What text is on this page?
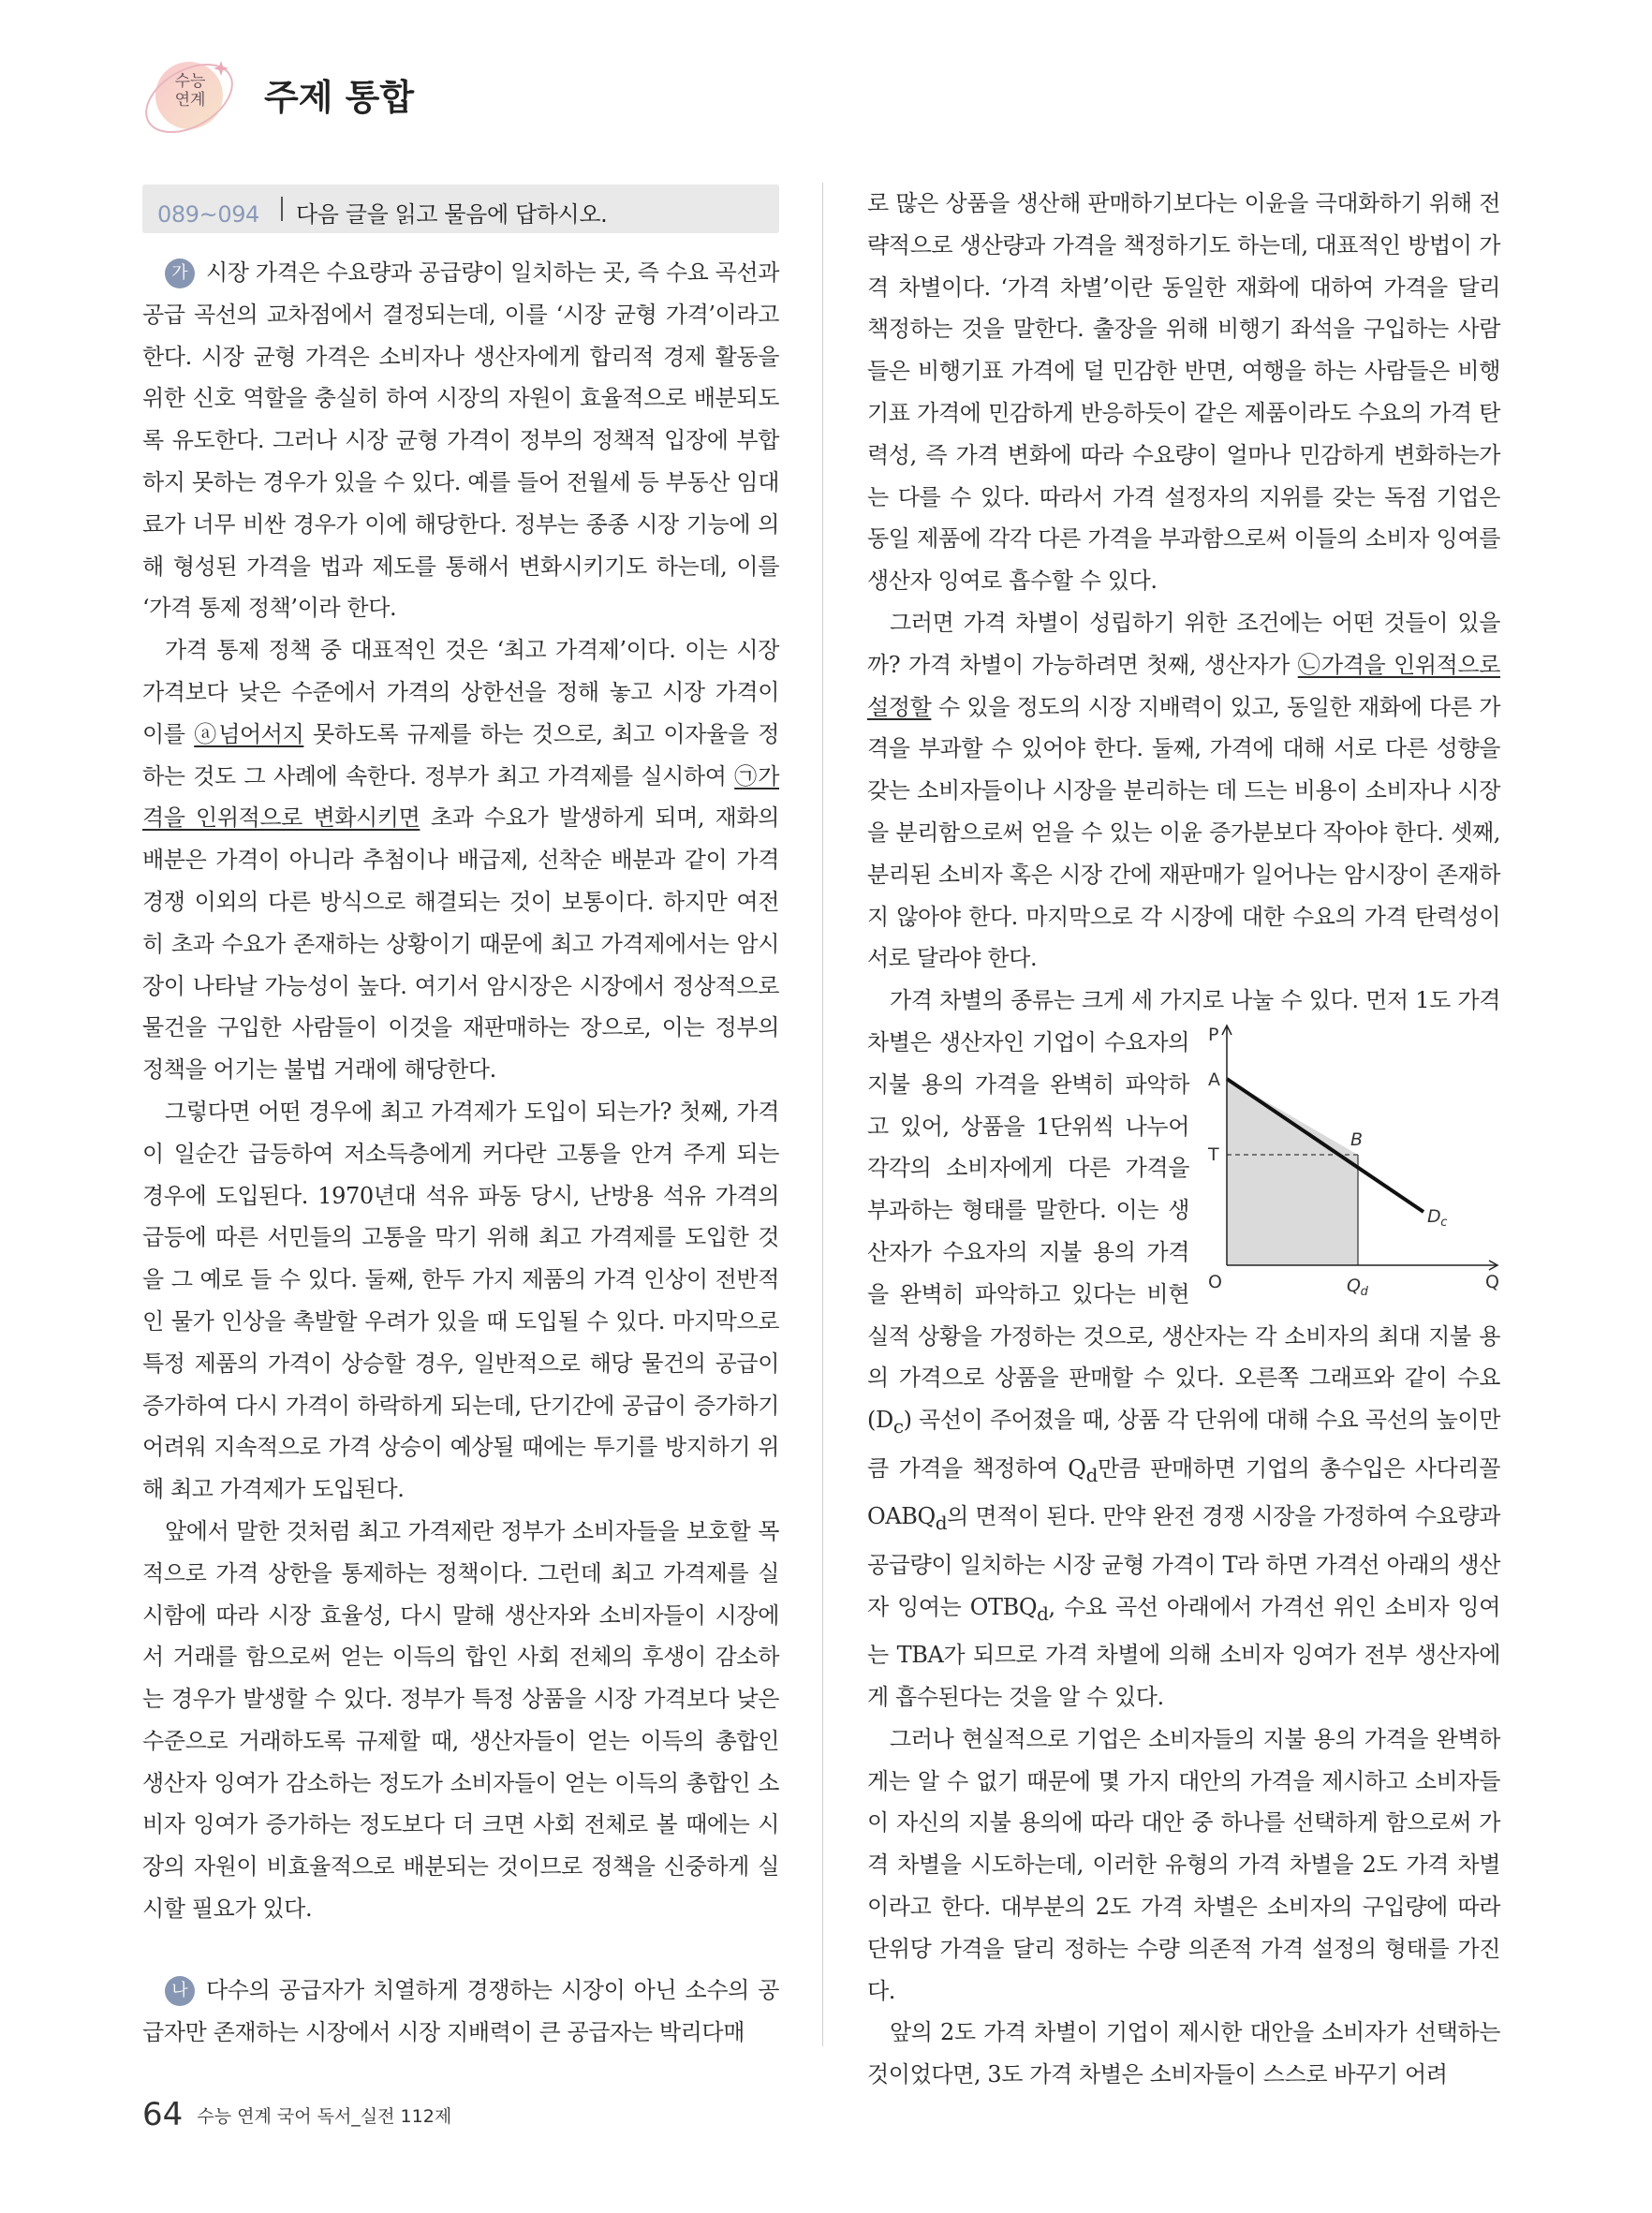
수능
연계	주제 통합
089~094 다음 글을 읽고 물음에 답하시오.

가 시장 가격은 수요량과 공급량이 일치하는 곳, 즉 수요 곡선과 공급 곡선의 교차점에서 결정되는데, 이를 ‘시장 균형 가격’이라고 한다. 시장 균형 가격은 소비자나 생산자에게 합리적 경제 활동을 위한 신호 역할을 충실히 하여 시장의 자원이 효율적으로 배분되도록 유도한다. 그러나 시장 균형 가격이 정부의 정책적 입장에 부합하지 못하는 경우가 있을 수 있다. 예를 들어 전월세 등 부동산 임대료가 너무 비싼 경우가 이에 해당한다. 정부는 종종 시장 기능에 의해 형성된 가격을 법과 제도를 통해서 변화시키기도 하는데, 이를 ‘가격 통제 정책’이라 한다.

가격 통제 정책 중 대표적인 것은 ‘최고 가격제’이다. 이는 시장 가격보다 낮은 수준에서 가격의 상한선을 정해 놓고 시장 가격이 이를 ⓐ넘어서지 못하도록 규제를 하는 것으로, 최고 이자율을 정하는 것도 그 사례에 속한다. 정부가 최고 가격제를 실시하여 ㉠가격을 인위적으로 변화시키면 초과 수요가 발생하게 되며, 재화의 배분은 가격이 아니라 추첨이나 배급제, 선착순 배분과 같이 가격 경쟁 이외의 다른 방식으로 해결되는 것이 보통이다. 하지만 여전히 초과 수요가 존재하는 상황이기 때문에 최고 가격제에서는 암시장이 나타날 가능성이 높다. 여기서 암시장은 시장에서 정상적으로 물건을 구입한 사람들이 이것을 재판매하는 장으로, 이는 정부의 정책을 어기는 불법 거래에 해당한다.

그렇다면 어떤 경우에 최고 가격제가 도입이 되는가? 첫째, 가격이 일순간 급등하여 저소득층에게 커다란 고통을 안겨 주게 되는 경우에 도입된다. 1970년대 석유 파동 당시, 난방용 석유 가격의 급등에 따른 서민들의 고통을 막기 위해 최고 가격제를 도입한 것을 그 예로 들 수 있다. 둘째, 한두 가지 제품의 가격 인상이 전반적인 물가 인상을 촉발할 우려가 있을 때 도입될 수 있다. 마지막으로 특정 제품의 가격이 상승할 경우, 일반적으로 해당 물건의 공급이 증가하여 다시 가격이 하락하게 되는데, 단기간에 공급이 증가하기 어려워 지속적으로 가격 상승이 예상될 때에는 투기를 방지하기 위해 최고 가격제가 도입된다.

앞에서 말한 것처럼 최고 가격제란 정부가 소비자들을 보호할 목적으로 가격 상한을 통제하는 정책이다. 그런데 최고 가격제를 실시함에 따라 시장 효율성, 다시 말해 생산자와 소비자들이 시장에서 거래를 함으로써 얻는 이득의 합인 사회 전체의 후생이 감소하는 경우가 발생할 수 있다. 정부가 특정 상품을 시장 가격보다 낮은 수준으로 거래하도록 규제할 때, 생산자들이 얻는 이득의 총합인 생산자 잉여가 감소하는 정도가 소비자들이 얻는 이득의 총합인 소비자 잉여가 증가하는 정도보다 더 크면 사회 전체로 볼 때에는 시장의 자원이 비효율적으로 배분되는 것이므로 정책을 신중하게 실시할 필요가 있다.

나 다수의 공급자가 치열하게 경쟁하는 시장이 아닌 소수의 공급자만 존재하는 시장에서 시장 지배력이 큰 공급자는 박리다매

로 많은 상품을 생산해 판매하기보다는 이윤을 극대화하기 위해 전략적으로 생산량과 가격을 책정하기도 하는데, 대표적인 방법이 가격 차별이다. ‘가격 차별’이란 동일한 재화에 대하여 가격을 달리 책정하는 것을 말한다. 출장을 위해 비행기 좌석을 구입하는 사람들은 비행기표 가격에 덜 민감한 반면, 여행을 하는 사람들은 비행기표 가격에 민감하게 반응하듯이 같은 제품이라도 수요의 가격 탄력성, 즉 가격 변화에 따라 수요량이 얼마나 민감하게 변화하는가는 다를 수 있다. 따라서 가격 설정자의 지위를 갖는 독점 기업은 동일 제품에 각각 다른 가격을 부과함으로써 이들의 소비자 잉여를 생산자 잉여로 흡수할 수 있다.

그러면 가격 차별이 성립하기 위한 조건에는 어떤 것들이 있을까? 가격 차별이 가능하려면 첫째, 생산자가 ㉡가격을 인위적으로 설정할 수 있을 정도의 시장 지배력이 있고, 동일한 재화에 다른 가격을 부과할 수 있어야 한다. 둘째, 가격에 대해 서로 다른 성향을 갖는 소비자들이나 시장을 분리하는 데 드는 비용이 소비자나 시장을 분리함으로써 얻을 수 있는 이윤 증가분보다 작아야 한다. 셋째, 분리된 소비자 혹은 시장 간에 재판매가 일어나는 암시장이 존재하지 않아야 한다. 마지막으로 각 시장에 대한 수요의 가격 탄력성이 서로 달라야 한다.

가격 차별의 종류는 크게 세 가지로 나눌 수 있다.
P
A
T
B
O	$Q_d$	Q
$D_c$
먼저 1도 가격 차별은 생산자인 기업이 수요자의 지불 용의 가격을 완벽히 파악하고 있어, 상품을 1단위씩 나누어 각각의 소비자에게 다른 가격을 부과하는 형태를 말한다. 이는 생산자가 수요자의 지불 용의 가격을 완벽히 파악하고 있다는 비현실적 상황을 가정하는 것으로, 생산자는 각 소비자의 최대 지불 용의 가격으로 상품을 판매할 수 있다. 오른쪽 그래프와 같이 수요$(D_c)$ 곡선이 주어졌을 때, 상품 각 단위에 대해 수요 곡선의 높이만큼 가격을 책정하여 $Q_d$만큼 판매하면 기업의 총수입은 사다리꼴 $OABQ_d$의 면적이 된다. 만약 완전 경쟁 시장을 가정하여 수요량과 공급량이 일치하는 시장 균형 가격이 T라 하면 가격선 아래의 생산자 잉여는 $OTBQ_d$, 수요 곡선 아래에서 가격선 위인 소비자 잉여는 TBA가 되므로 가격 차별에 의해 소비자 잉여가 전부 생산자에게 흡수된다는 것을 알 수 있다.

그러나 현실적으로 기업은 소비자들의 지불 용의 가격을 완벽하게는 알 수 없기 때문에 몇 가지 대안의 가격을 제시하고 소비자들이 자신의 지불 용의에 따라 대안 중 하나를 선택하게 함으로써 가격 차별을 시도하는데, 이러한 유형의 가격 차별을 2도 가격 차별이라고 한다. 대부분의 2도 가격 차별은 소비자의 구입량에 따라 단위당 가격을 달리 정하는 수량 의존적 가격 설정의 형태를 가진다.

앞의 2도 가격 차별이 기업이 제시한 대안을 소비자가 선택하는 것이었다면, 3도 가격 차별은 소비자들이 스스로 바꾸기 어려

64 수능 연계 국어 독서_실전 112제
